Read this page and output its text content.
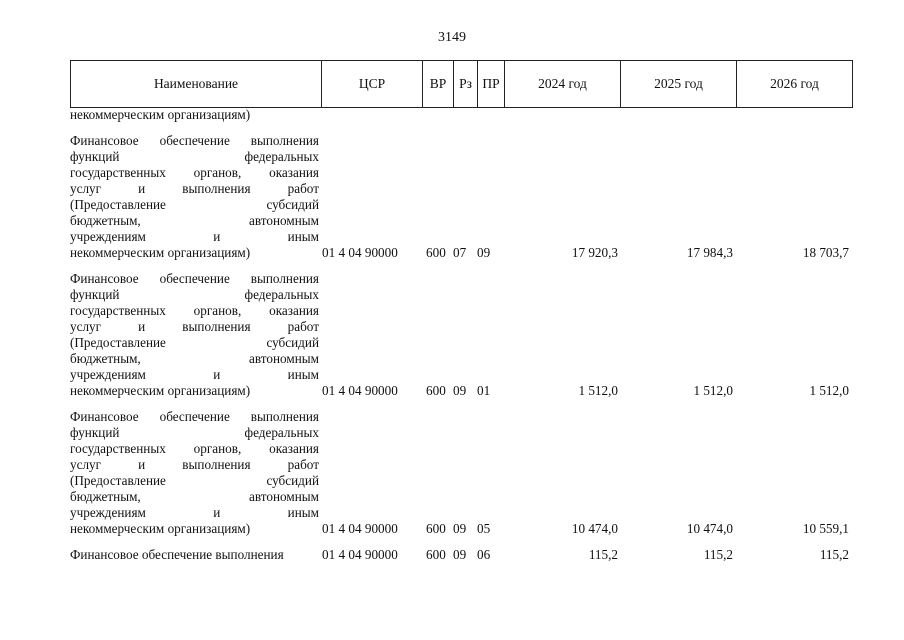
3149
Наименование	ЦСР	ВР	Рз	ПР	2024 год	2025 год	2026 год
некоммерческим организациям)
Финансовое обеспечение выполнения
функций федеральных
государственных органов, оказания
услуг и выполнения работ
(Предоставление субсидий
бюджетным, автономным
учреждениям и иным
некоммерческим организациям)	01 4 04 90000 600 07 09	17 920,3	17 984,3	18 703,7
Финансовое обеспечение выполнения
функций федеральных
государственных органов, оказания
услуг и выполнения работ
(Предоставление субсидий
бюджетным, автономным
учреждениям и иным
некоммерческим организациям)	01 4 04 90000 600 09 01	1 512,0	1 512,0	1 512,0
Финансовое обеспечение выполнения
функций федеральных
государственных органов, оказания
услуг и выполнения работ
(Предоставление субсидий
бюджетным, автономным
учреждениям и иным
некоммерческим организациям)	01 4 04 90000 600 09 05	10 474,0	10 474,0	10 559,1
Финансовое обеспечение выполнения	01 4 04 90000 600 09 06	115,2	115,2	115,2
